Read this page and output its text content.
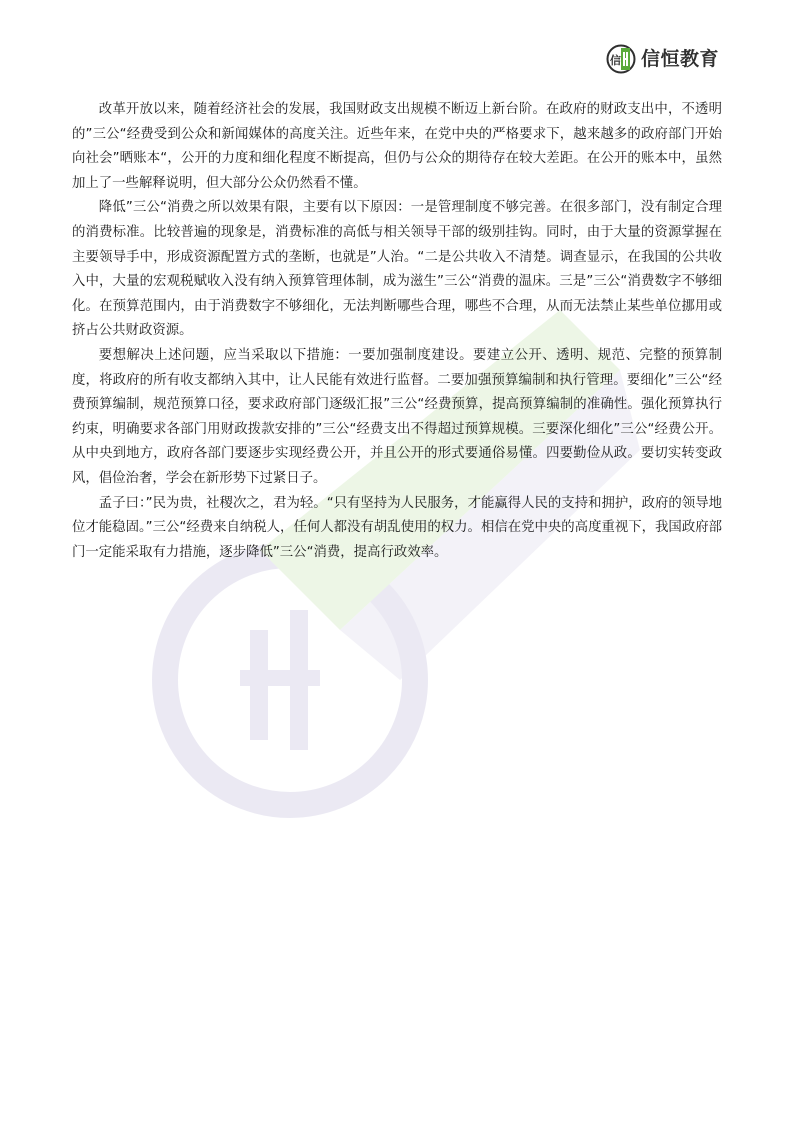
信 信恒教育

改革开放以来，随着经济社会的发展，我国财政支出规模不断迈上新台阶。在政府的财政支出中，不透明的”三公“经费受到公众和新闻媒体的高度关注。近些年来，在党中央的严格要求下，越来越多的政府部门开始向社会”晒账本“，公开的力度和细化程度不断提高，但仍与公众的期待存在较大差距。在公开的账本中，虽然加上了一些解释说明，但大部分公众仍然看不懂。

降低”三公“消费之所以效果有限，主要有以下原因：一是管理制度不够完善。在很多部门，没有制定合理的消费标准。比较普遍的现象是，消费标准的高低与相关领导干部的级别挂钩。同时，由于大量的资源掌握在主要领导手中，形成资源配置方式的垄断，也就是”人治。“二是公共收入不清楚。调查显示，在我国的公共收入中，大量的宏观税赋收入没有纳入预算管理体制，成为滋生”三公“消费的温床。三是”三公“消费数字不够细化。在预算范围内，由于消费数字不够细化，无法判断哪些合理，哪些不合理，从而无法禁止某些单位挪用或挤占公共财政资源。

要想解决上述问题，应当采取以下措施：一要加强制度建设。要建立公开、透明、规范、完整的预算制度，将政府的所有收支都纳入其中，让人民能有效进行监督。二要加强预算编制和执行管理。要细化”三公“经费预算编制，规范预算口径，要求政府部门逐级汇报”三公“经费预算，提高预算编制的准确性。强化预算执行约束，明确要求各部门用财政拨款安排的”三公“经费支出不得超过预算规模。三要深化细化”三公“经费公开。从中央到地方，政府各部门要逐步实现经费公开，并且公开的形式要通俗易懂。四要勤俭从政。要切实转变政风，倡俭治奢，学会在新形势下过紧日子。

孟子曰：”民为贵，社稷次之，君为轻。“只有坚持为人民服务，才能赢得人民的支持和拥护，政府的领导地位才能稳固。”三公“经费来自纳税人，任何人都没有胡乱使用的权力。相信在党中央的高度重视下，我国政府部门一定能采取有力措施，逐步降低”三公“消费，提高行政效率。
